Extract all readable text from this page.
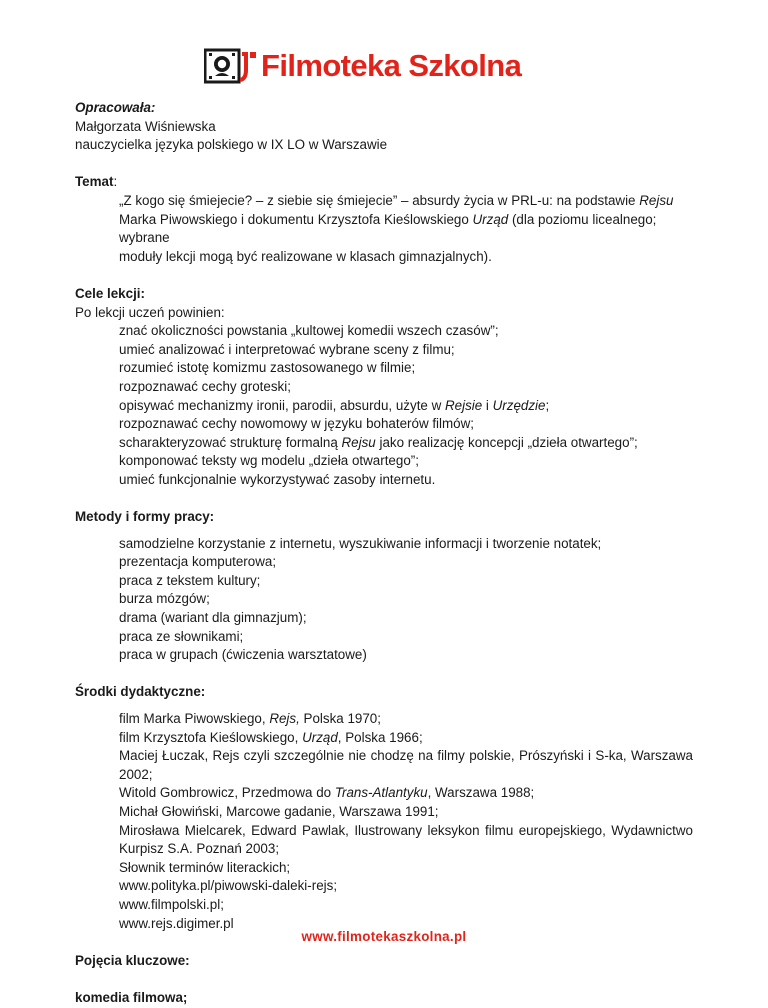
Filmoteka Szkolna

Opracowała:

Małgorzata Wiśniewska

nauczycielka języka polskiego w IX LO w Warszawie

Temat:

„Z kogo się śmiejecie? – z siebie się śmiejecie” – absurdy życia w PRL-u: na podstawie Rejsu

Marka Piwowskiego i dokumentu Krzysztofa Kieślowskiego Urząd (dla poziomu licealnego; wybrane

moduły lekcji mogą być realizowane w klasach gimnazjalnych).

Cele lekcji:

Po lekcji uczeń powinien:

znać okoliczności powstania „kultowej komedii wszech czasów”;

umieć analizować i interpretować wybrane sceny z filmu;

rozumieć istotę komizmu zastosowanego w filmie;

rozpoznawać cechy groteski;

opisywać mechanizmy ironii, parodii, absurdu, użyte w Rejsie i Urzędzie;

rozpoznawać cechy nowomowy w języku bohaterów filmów;

scharakteryzować strukturę formalną Rejsu jako realizację koncepcji „dzieła otwartego”;

komponować teksty wg modelu „dzieła otwartego”;

umieć funkcjonalnie wykorzystywać zasoby internetu.

Metody i formy pracy:

samodzielne korzystanie z internetu, wyszukiwanie informacji i tworzenie notatek;

prezentacja komputerowa;

praca z tekstem kultury;

burza mózgów;

drama (wariant dla gimnazjum);

praca ze słownikami;

praca w grupach (ćwiczenia warsztatowe)

Środki dydaktyczne:

film Marka Piwowskiego, Rejs, Polska 1970;

film Krzysztofa Kieślowskiego, Urząd, Polska 1966;

Maciej Łuczak, Rejs czyli szczególnie nie chodzę na filmy polskie, Prószyński i S-ka, Warszawa 2002;

Witold Gombrowicz, Przedmowa do Trans-Atlantyku, Warszawa 1988;

Michał Głowiński, Marcowe gadanie, Warszawa 1991;

Mirosława Mielcarek, Edward Pawlak, Ilustrowany leksykon filmu europejskiego, Wydawnictwo Kurpisz S.A. Poznań 2003;

Słownik terminów literackich;

www.polityka.pl/piwowski-daleki-rejs;

www.filmpolski.pl;

www.rejs.digimer.pl

Pojęcia kluczowe:

komedia filmowa;

www.filmotekaszkolna.pl
